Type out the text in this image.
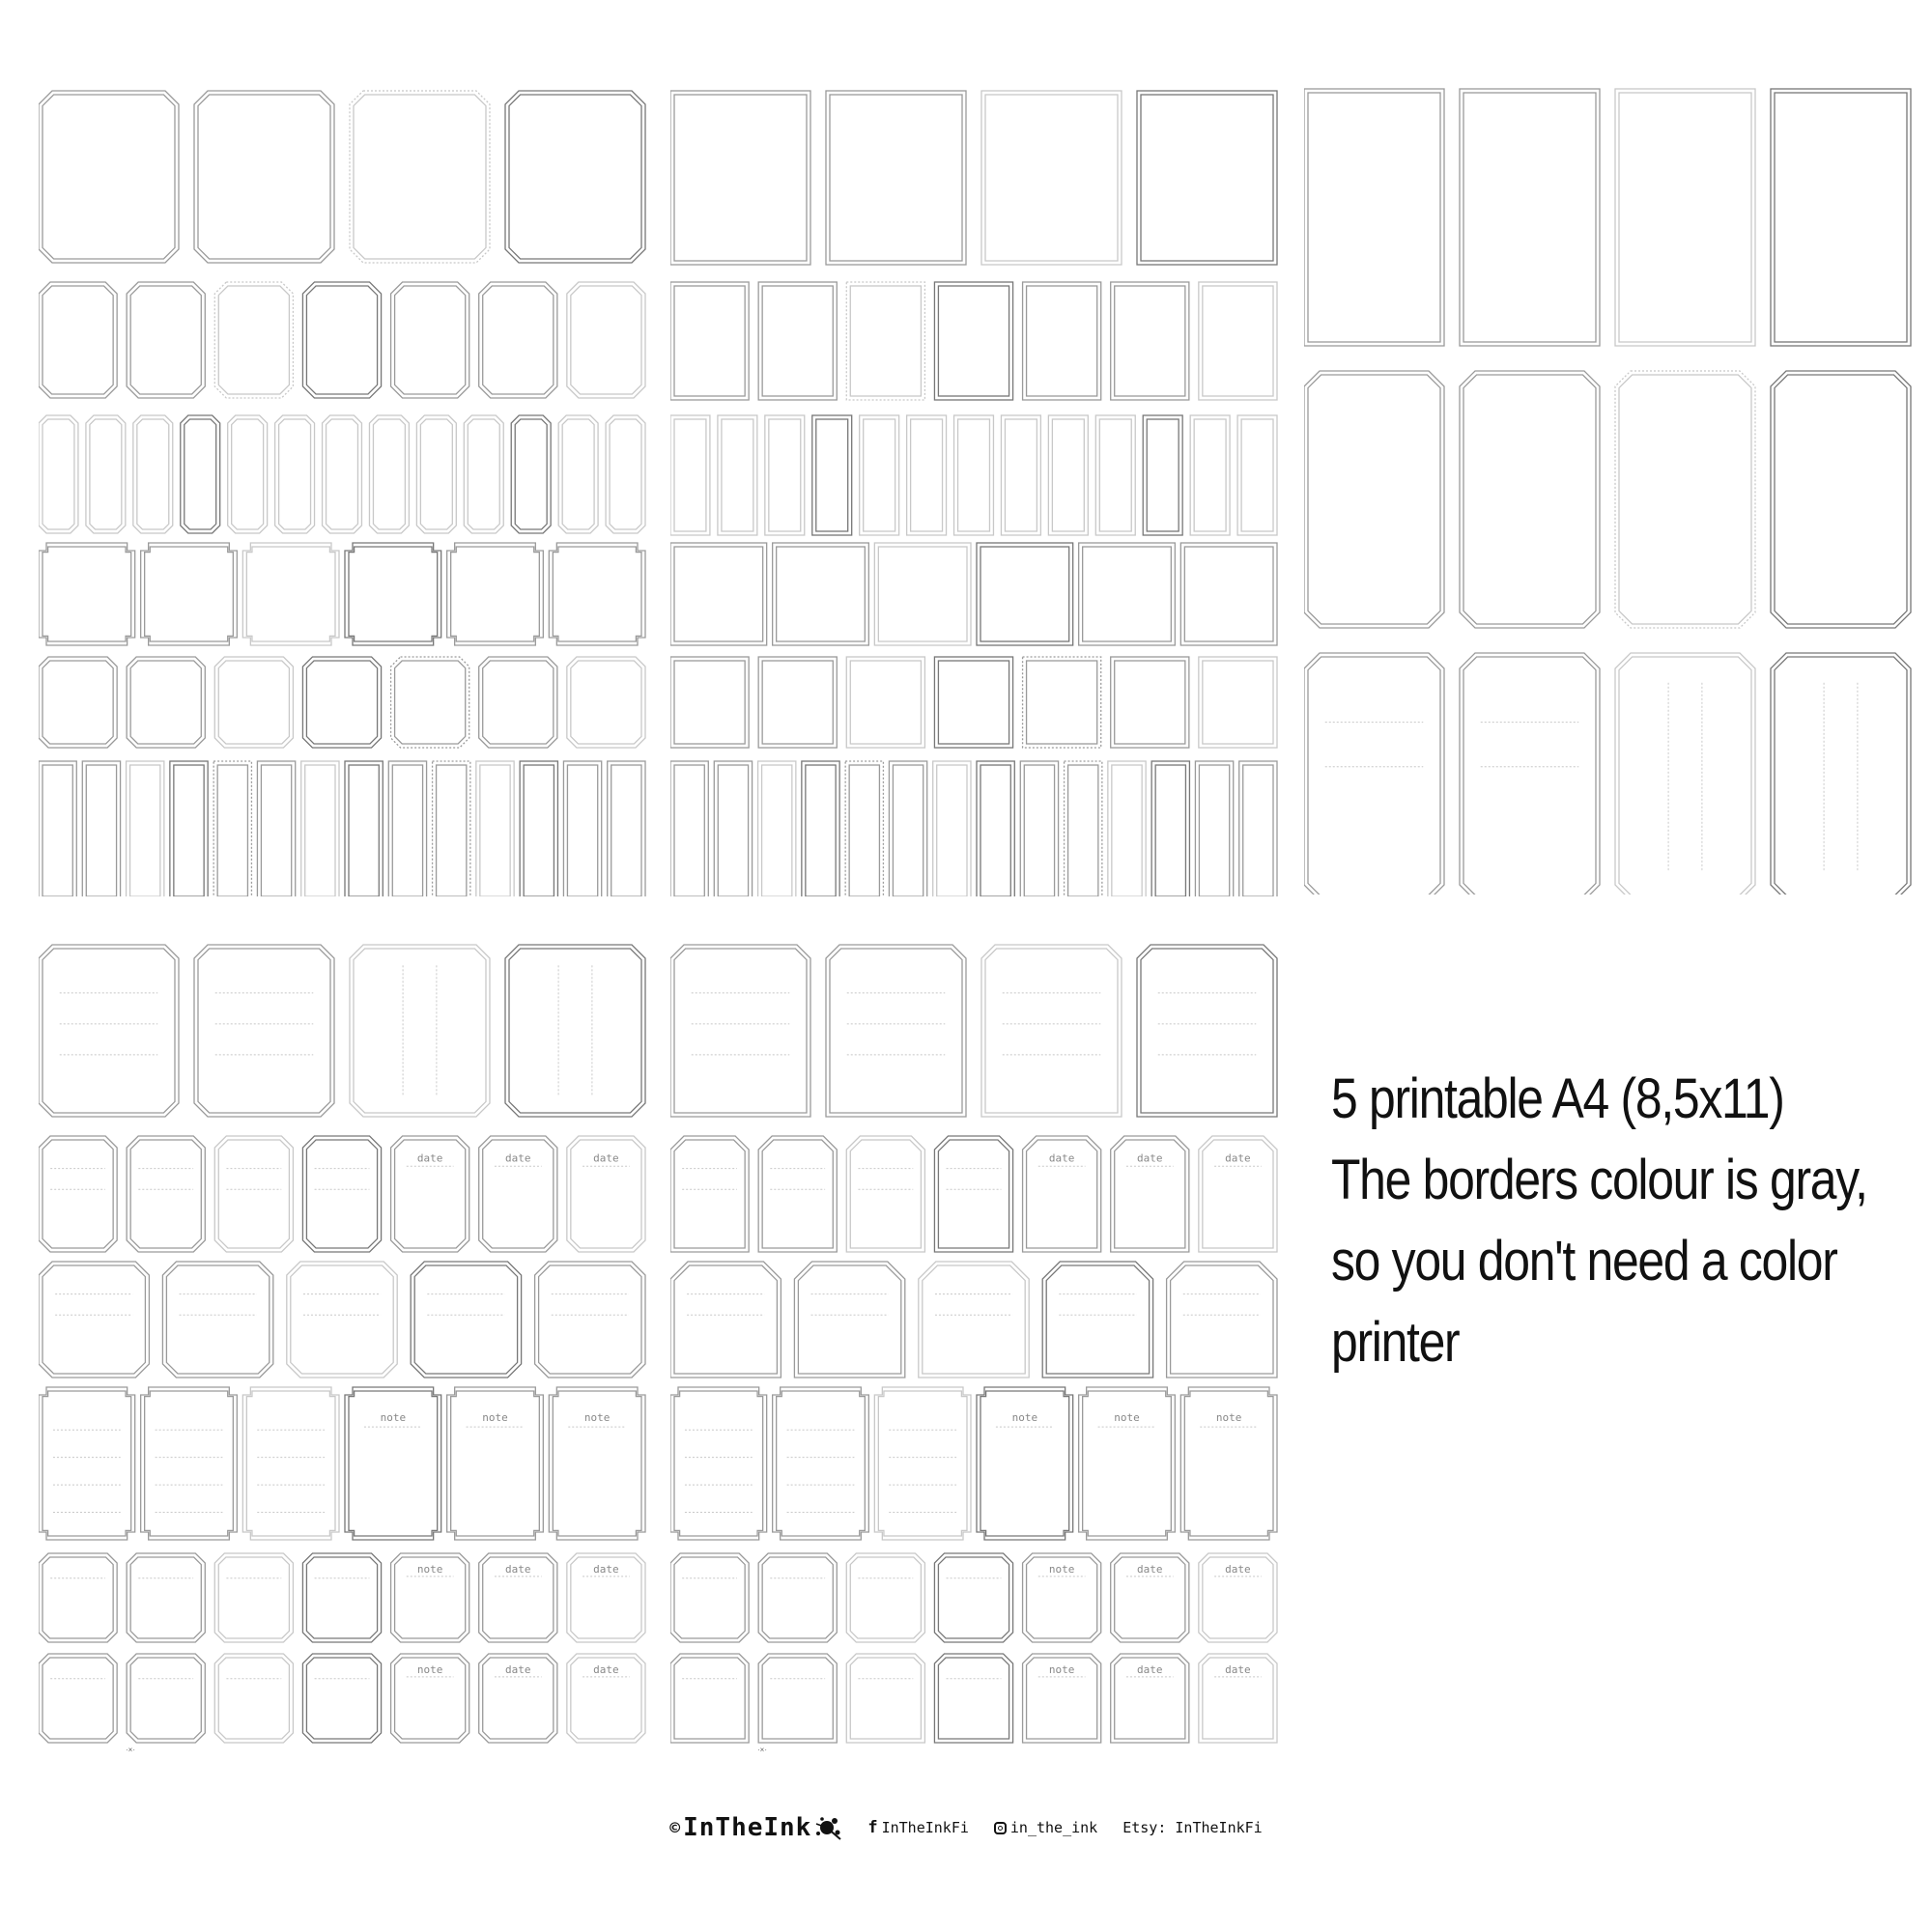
date	date	date
note	note	note
note	date	date
note	date	date
·×·
date	date	date
note	note	note
note	date	date
note	date	date
·×·
5 printable A4 (8,5x11)
The borders colour is gray,
so you don't need a color
printer
© InTheInk	f InTheInkFi	in_the_ink Etsy: InTheInkFi
